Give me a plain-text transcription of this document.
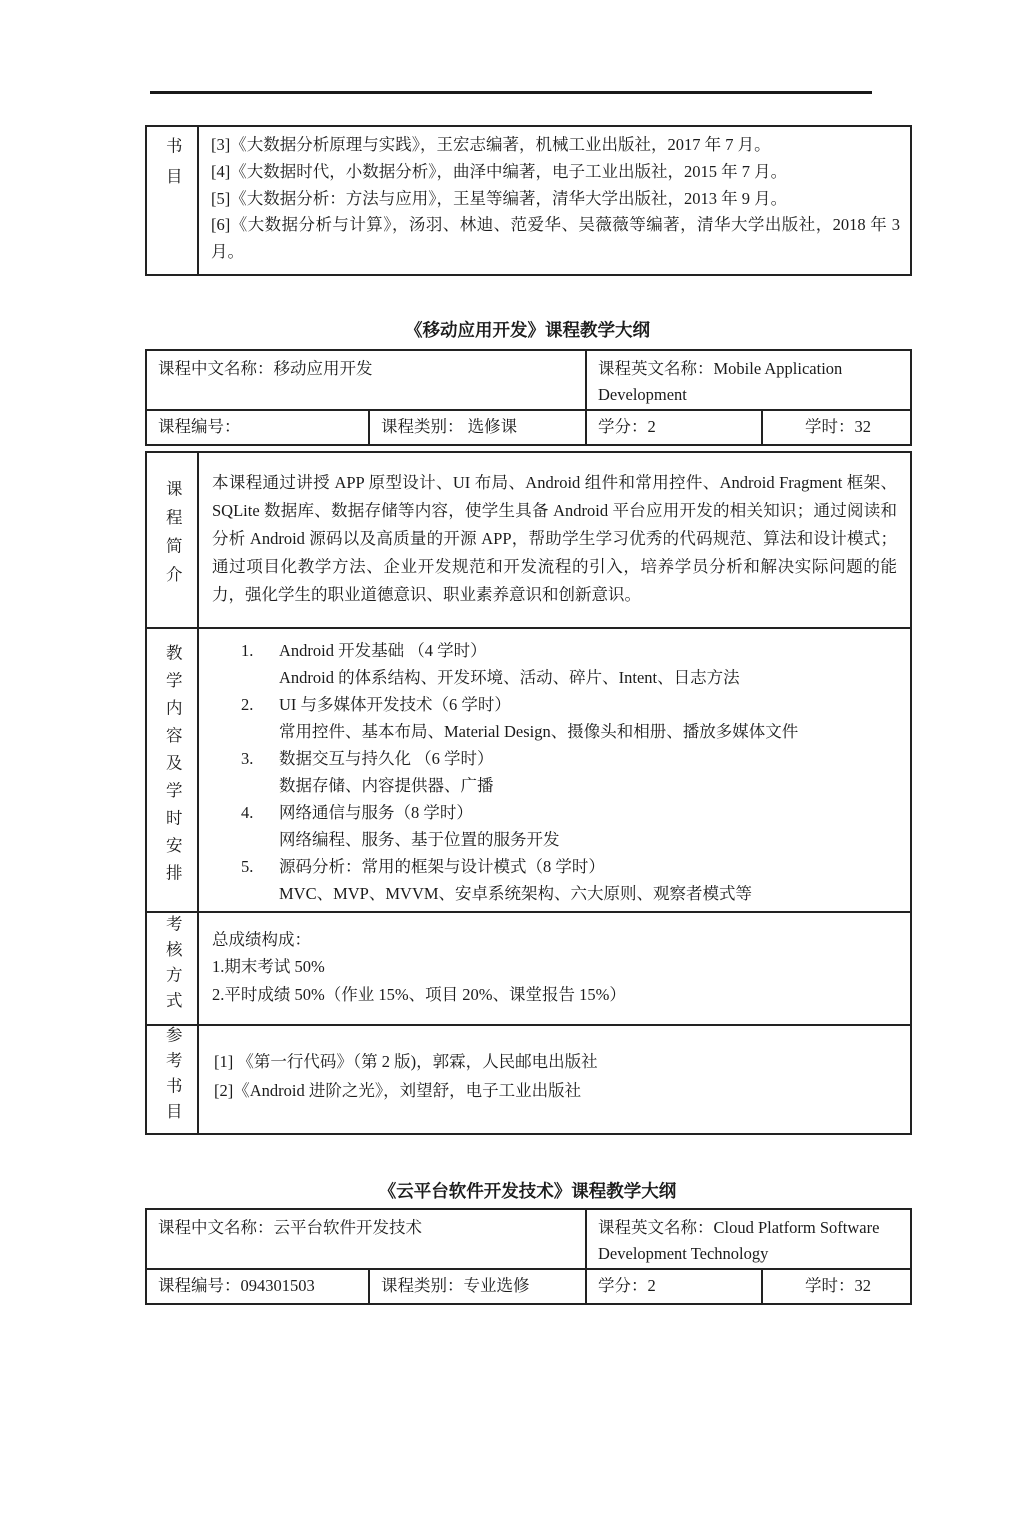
书目	[3]《大数据分析原理与实践》，王宏志编著，机械工业出版社，2017 年 7 月。
[4]《大数据时代，小数据分析》，曲泽中编著，电子工业出版社，2015 年 7 月。
[5]《大数据分析：方法与应用》，王星等编著，清华大学出版社，2013 年 9 月。
[6]《大数据分析与计算》，汤羽、林迪、范爱华、吴薇薇等编著，清华大学出版社，2018 年 3 月。
《移动应用开发》课程教学大纲
课程中文名称：移动应用开发		课程英文名称：Mobile Application Development	
课程编号：	课程类别： 选修课	学分：2	学时：32
课程简介	本课程通过讲授 APP 原型设计、UI 布局、Android 组件和常用控件、Android Fragment 框架、SQLite 数据库、数据存储等内容，使学生具备 Android 平台应用开发的相关知识；通过阅读和分析 Android 源码以及高质量的开源 APP，帮助学生学习优秀的代码规范、算法和设计模式；通过项目化教学方法、企业开发规范和开发流程的引入，培养学员分析和解决实际问题的能力，强化学生的职业道德意识、职业素养意识和创新意识。

教学内容及学时安排	1.	Android 开发基础 （4 学时）
Android 的体系结构、开发环境、活动、碎片、Intent、日志方法
2.	UI 与多媒体开发技术（6 学时）
常用控件、基本布局、Material Design、摄像头和相册、播放多媒体文件
3.	数据交互与持久化 （6 学时）
数据存储、内容提供器、广播
4.	网络通信与服务（8 学时）
网络编程、服务、基于位置的服务开发
5.	源码分析：常用的框架与设计模式（8 学时）
MVC、MVP、MVVM、安卓系统架构、六大原则、观察者模式等

考核方式	总成绩构成：
1.期末考试 50%
2.平时成绩 50%（作业 15%、项目 20%、课堂报告 15%）

参考书目	[1] 《第一行代码》（第 2 版)，郭霖，人民邮电出版社
[2]《Android 进阶之光》，刘望舒，电子工业出版社
《云平台软件开发技术》课程教学大纲
课程中文名称：云平台软件开发技术		课程英文名称：Cloud Platform Software Development Technology	
课程编号：094301503	课程类别：专业选修	学分：2	学时：32
